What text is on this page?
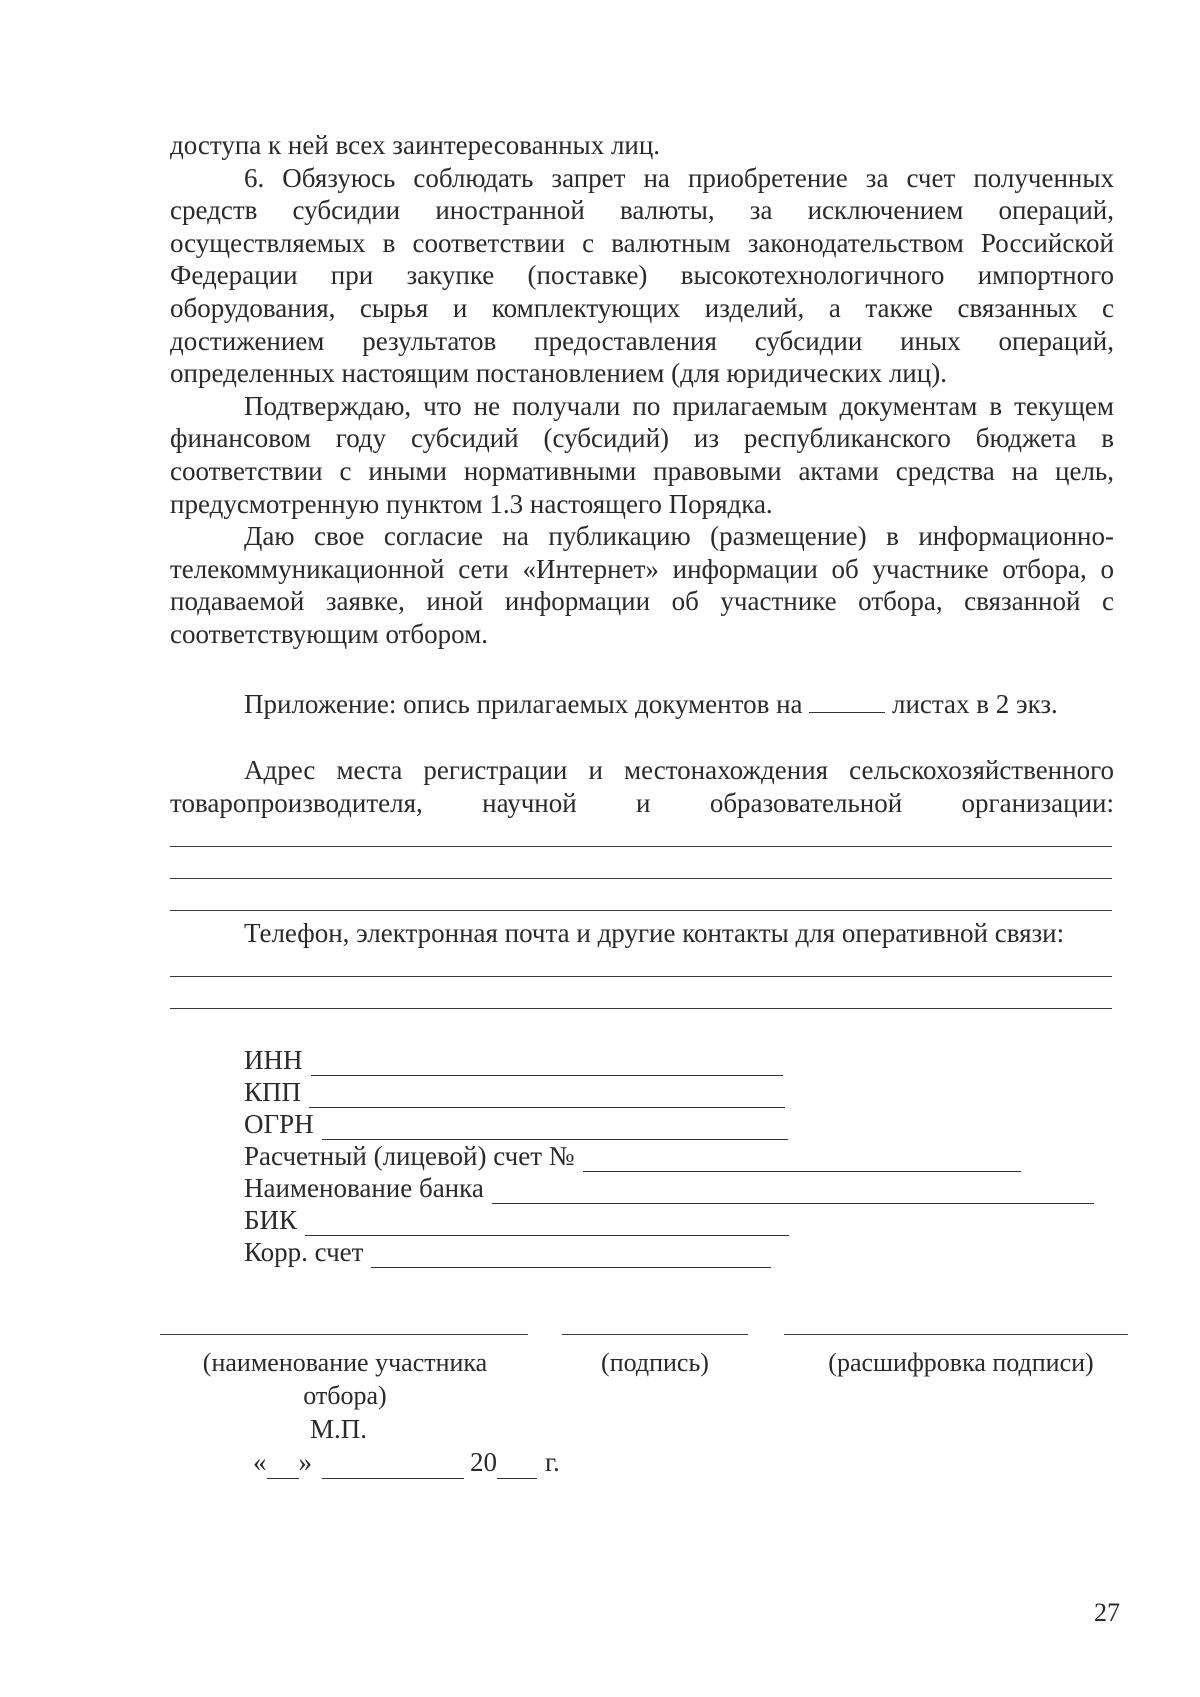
доступа к ней всех заинтересованных лиц.

6. Обязуюсь соблюдать запрет на приобретение за счет полученных средств субсидии иностранной валюты, за исключением операций, осуществляемых в соответствии с валютным законодательством Российской Федерации при закупке (поставке) высокотехнологичного импортного оборудования, сырья и комплектующих изделий, а также связанных с достижением результатов предоставления субсидии иных операций, определенных настоящим постановлением (для юридических лиц).

Подтверждаю, что не получали по прилагаемым документам в текущем финансовом году субсидий (субсидий) из республиканского бюджета в соответствии с иными нормативными правовыми актами средства на цель, предусмотренную пунктом 1.3 настоящего Порядка.

Даю свое согласие на публикацию (размещение) в информационно-телекоммуникационной сети «Интернет» информации об участнике отбора, о подаваемой заявке, иной информации об участнике отбора, связанной с соответствующим отбором.

Приложение: опись прилагаемых документов на	листах в 2 экз.

Адрес места регистрации и местонахождения сельскохозяйственного товаропроизводителя, научной и образовательной организации:

Телефон, электронная почта и другие контакты для оперативной связи:
ИНН
КПП
ОГРН
Расчетный (лицевой) счет №
Наименование банка
БИК
Корр. счет
(наименование участника отбора)
(подпись)	(расшифровка подписи)
М.П.
« »	20 г.
27
